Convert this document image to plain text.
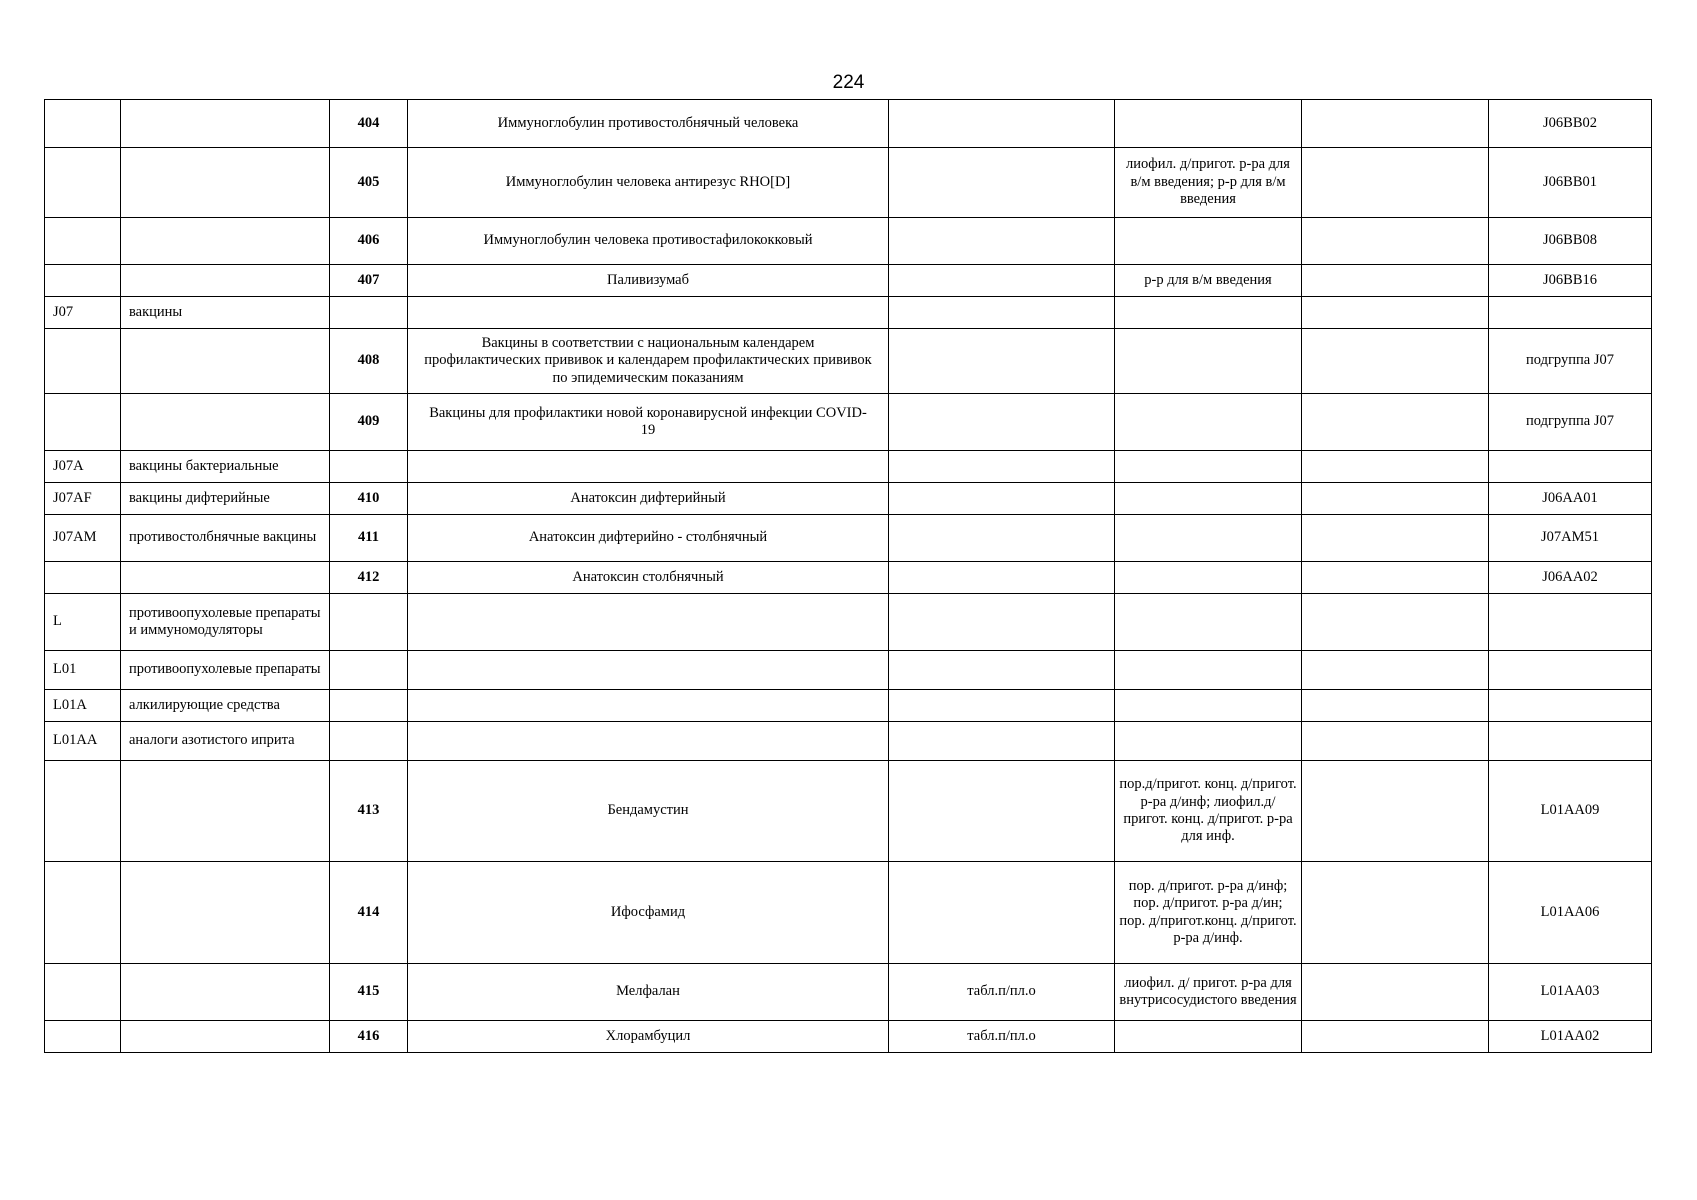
224
		404	Иммуноглобулин противостолбнячный человека				J06BB02
		405	Иммуноглобулин человека антирезус RHO[D]		лиофил. д/пригот. р-ра для в/м введения; р-р для в/м введения		J06BB01
		406	Иммуноглобулин человека противостафилококковый				J06BB08
		407	Паливизумаб		р-р для в/м введения		J06BB16
J07	вакцины						
		408	Вакцины в соответствии с национальным календарем профилактических прививок и календарем профилактических прививок по эпидемическим показаниям				подгруппа J07
		409	Вакцины для профилактики новой коронавирусной инфекции COVID-19				подгруппа J07
J07A	вакцины бактериальные						
J07AF	вакцины дифтерийные	410	Анатоксин дифтерийный				J06AA01
J07AM	противостолбнячные вакцины	411	Анатоксин дифтерийно - столбнячный				J07AM51
		412	Анатоксин столбнячный				J06AA02
L	противоопухолевые препараты и иммуномодуляторы						
L01	противоопухолевые препараты						
L01A	алкилирующие средства						
L01AA	аналоги азотистого иприта						
		413	Бендамустин		пор.д/пригот. конц. д/пригот. р-ра д/инф; лиофил.д/пригот. конц. д/пригот. р-ра для инф.		L01AA09
		414	Ифосфамид		пор. д/пригот. р-ра д/инф; пор. д/пригот. р-ра д/ин; пор. д/пригот.конц. д/пригот. р-ра д/инф.		L01AA06
		415	Мелфалан	табл.п/пл.о	лиофил. д/ пригот. р-ра для внутрисосудистого введения		L01AA03
		416	Хлорамбуцил	табл.п/пл.о			L01AA02
